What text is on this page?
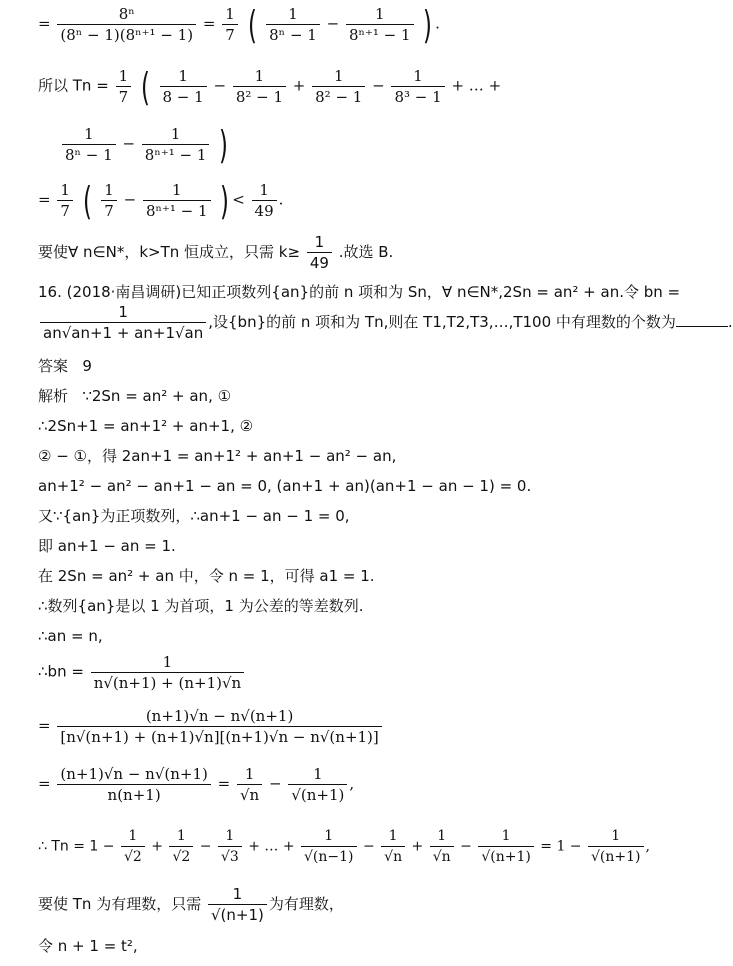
= $\frac{\text{8ⁿ}}{\text{(8ⁿ − 1)(8ⁿ⁺¹ − 1)}} = \frac{1}{7}$ ( $\frac{1}{\text{8ⁿ − 1}} - \frac{1}{\text{8ⁿ⁺¹ − 1}}$ ) .
所以 $Tn = \frac{1}{7}$ ( $\frac{1}{8 - 1} - \frac{1}{\text{8² − 1}} + \frac{1}{\text{8² − 1}} - \frac{1}{\text{8³ − 1}}$ + … +
$\frac{1}{\text{8ⁿ − 1}} - \frac{1}{\text{8ⁿ⁺¹ − 1}}$ )
= $\frac{1}{7}$ ( $\frac{1}{7} - \frac{1}{\text{8ⁿ⁺¹ − 1}}$ ) < $\frac{1}{49}$ .
要使∀ n∈N*，k>Tn 恒成立，只需 $k\ge \frac{1}{49}$ .故选 B.
16. (2018·南昌调研)已知正项数列{an}的前 n 项和为 Sn，∀ n∈N*,2Sn = an² + an.令 bn =
$\frac{1}{an√an+1 + an+1√an}$ ,设{bn}的前 n 项和为 Tn,则在 T1,T2,T3,…,T100 中有理数的个数为	.
答案 9
解析 ∵2Sn = an² + an, ①
∴2Sn+1 = an+1² + an+1, ②
② − ①，得 2an+1 = an+1² + an+1 − an² − an,
an+1² − an² − an+1 − an = 0, (an+1 + an)(an+1 − an − 1) = 0.
又∵{an}为正项数列，∴an+1 − an − 1 = 0,
即 an+1 − an = 1.
在 2Sn = an² + an 中，令 n = 1，可得 a1 = 1.
∴数列{an}是以 1 为首项，1 为公差的等差数列.
∴an = n,
∴bn = $\frac{1}{n√(n+1) + (n+1)√n}$
= $\frac{(n+1)√n - n√(n+1)}{[n√(n+1) + (n+1)√n][(n+1)√n - n√(n+1)]}$
= $\frac{(n+1)√n - n√(n+1)}{n(n+1)} = \frac{1}{√n} - \frac{1}{√(n+1)}$ ,
∴ $Tn = 1 - \frac{1}{√2} + \frac{1}{√2} - \frac{1}{√3}$ + … + $\frac{1}{√(n-1)} - \frac{1}{√n} + \frac{1}{√n} - \frac{1}{√(n+1)} = 1 - \frac{1}{√(n+1)}$ ,
要使 Tn 为有理数，只需 $\frac{1}{√(n+1)}$ 为有理数，
令 n + 1 = t²,
